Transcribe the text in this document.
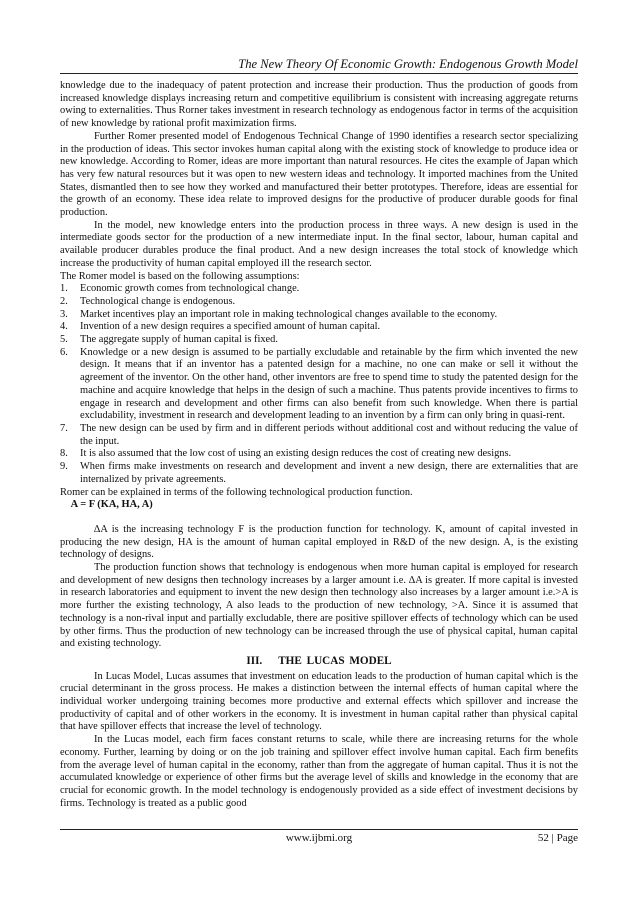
The New Theory Of Economic Growth: Endogenous Growth Model

knowledge due to the inadequacy of patent protection and increase their production. Thus the production of goods from increased knowledge displays increasing return and competitive equilibrium is consistent with increasing aggregate returns owing to externalities. Thus Rorner takes investment in research technology as endogenous factor in terms of the acquisition of new knowledge by rational profit maximization firms.

Further Romer presented model of Endogenous Technical Change of 1990 identifies a research sector specializing in the production of ideas. This sector invokes human capital along with the existing stock of knowledge to produce idea or new knowledge. According to Romer, ideas are more important than natural resources. He cites the example of Japan which has very few natural resources but it was open to new western ideas and technology. It imported machines from the United States, dismantled then to see how they worked and manufactured their better prototypes. Therefore, ideas are essential for the growth of an economy. These idea relate to improved designs for the productive of producer durable goods for final production.

In the model, new knowledge enters into the production process in three ways. A new design is used in the intermediate goods sector for the production of a new intermediate input. In the final sector, labour, human capital and available producer durables produce the final product. And a new design increases the total stock of knowledge which increase the productivity of human capital employed ill the research sector.

The Romer model is based on the following assumptions:

1. Economic growth comes from technological change.
2. Technological change is endogenous.
3. Market incentives play an important role in making technological changes available to the economy.
4. Invention of a new design requires a specified amount of human capital.
5. The aggregate supply of human capital is fixed.
6. Knowledge or a new design is assumed to be partially excludable and retainable by the firm which invented the new design. It means that if an inventor has a patented design for a machine, no one can make or sell it without the agreement of the inventor. On the other hand, other inventors are free to spend time to study the patented design for the machine and acquire knowledge that helps in the design of such a machine. Thus patents provide incentives to firms to engage in research and development and other firms can also benefit from such knowledge. When there is partial excludability, investment in research and development leading to an invention by a firm can only bring in quasi-rent.
7. The new design can be used by firm and in different periods without additional cost and without reducing the value of the input.
8. It is also assumed that the low cost of using an existing design reduces the cost of creating new designs.
9. When firms make investments on research and development and invent a new design, there are externalities that are internalized by private agreements.

Romer can be explained in terms of the following technological production function.

A = F (KA, HA, A)

∆A is the increasing technology F is the production function for technology. K, amount of capital invested in producing the new design, HA is the amount of human capital employed in R&D of the new design. A, is the existing technology of designs.

The production function shows that technology is endogenous when more human capital is employed for research and development of new designs then technology increases by a larger amount i.e. ∆A is greater. If more capital is invested in research laboratories and equipment to invent the new design then technology also increases by a larger amount i.e.>A is more further the existing technology, A also leads to the production of new technology, >A. Since it is assumed that technology is a non-rival input and partially excludable, there are positive spillover effects of technology which can be used by other firms. Thus the production of new technology can be increased through the use of physical capital, human capital and existing technology.

III. THE LUCAS MODEL

In Lucas Model, Lucas assumes that investment on education leads to the production of human capital which is the crucial determinant in the gross process. He makes a distinction between the internal effects of human capital where the individual worker undergoing training becomes more productive and external effects which spillover and increase the productivity of capital and of other workers in the economy. It is investment in human capital rather than physical capital that have spillover effects that increase the level of technology.

In the Lucas model, each firm faces constant returns to scale, while there are increasing returns for the whole economy. Further, learning by doing or on the job training and spillover effect involve human capital. Each firm benefits from the average level of human capital in the economy, rather than from the aggregate of human capital. Thus it is not the accumulated knowledge or experience of other firms but the average level of skills and knowledge in the economy that are crucial for economic growth. In the model technology is endogenously provided as a side effect of investment decisions by firms. Technology is treated as a public good

www.ijbmi.org	52 | Page
